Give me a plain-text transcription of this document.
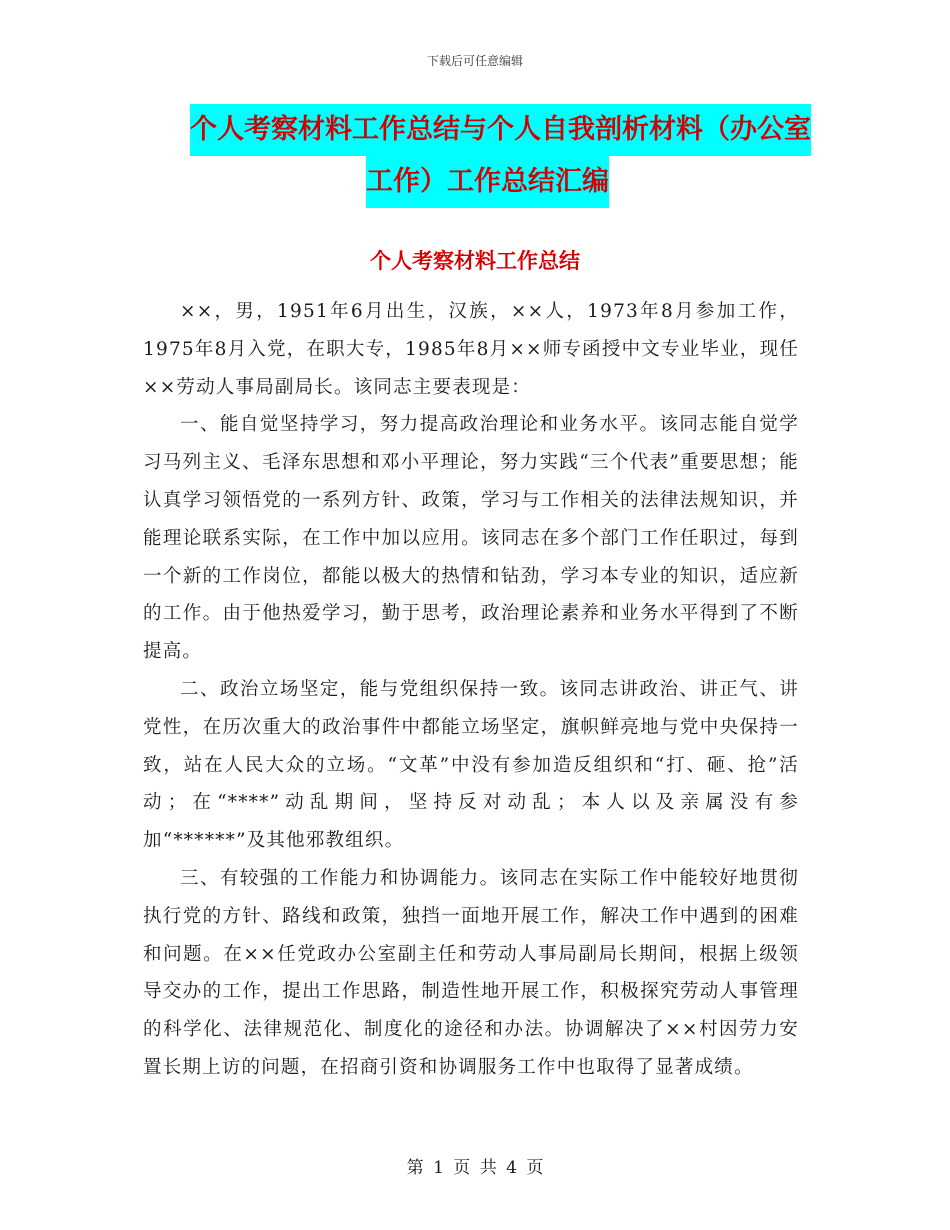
下载后可任意编辑
个人考察材料工作总结与个人自我剖析材料（办公室
工作）工作总结汇编
个人考察材料工作总结

××，男，1951年6月出生，汉族，××人，1973年8月参加工作，1975年8月入党，在职大专，1985年8月××师专函授中文专业毕业，现任××劳动人事局副局长。该同志主要表现是：

一、能自觉坚持学习，努力提高政治理论和业务水平。该同志能自觉学习马列主义、毛泽东思想和邓小平理论，努力实践“三个代表”重要思想；能认真学习领悟党的一系列方针、政策，学习与工作相关的法律法规知识，并能理论联系实际，在工作中加以应用。该同志在多个部门工作任职过，每到一个新的工作岗位，都能以极大的热情和钻劲，学习本专业的知识，适应新的工作。由于他热爱学习，勤于思考，政治理论素养和业务水平得到了不断提高。

二、政治立场坚定，能与党组织保持一致。该同志讲政治、讲正气、讲党性，在历次重大的政治事件中都能立场坚定，旗帜鲜亮地与党中央保持一致，站在人民大众的立场。“文革”中没有参加造反组织和“打、砸、抢”活动；在“****”动乱期间，坚持反对动乱；本人以及亲属没有参加“******”及其他邪教组织。

三、有较强的工作能力和协调能力。该同志在实际工作中能较好地贯彻执行党的方针、路线和政策，独挡一面地开展工作，解决工作中遇到的困难和问题。在××任党政办公室副主任和劳动人事局副局长期间，根据上级领导交办的工作，提出工作思路，制造性地开展工作，积极探究劳动人事管理的科学化、法律规范化、制度化的途径和办法。协调解决了××村因劳力安置长期上访的问题，在招商引资和协调服务工作中也取得了显著成绩。

第 1 页 共 4 页
